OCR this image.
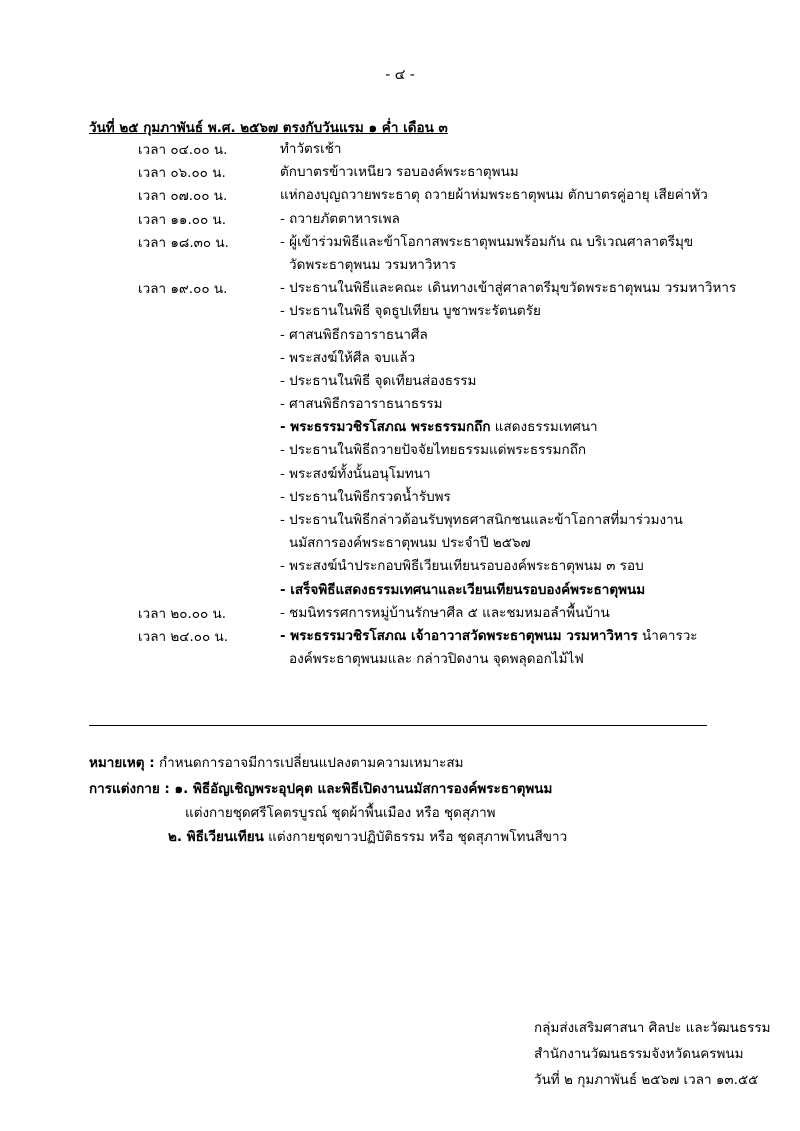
- ๔ -
วันที่ ๒๕ กุมภาพันธ์ พ.ศ. ๒๕๖๗ ตรงกับวันแรม ๑ ค่ำ เดือน ๓
เวลา ๐๔.๐๐ น.	ทำวัตรเช้า
เวลา ๐๖.๐๐ น.	ตักบาตรข้าวเหนียว รอบองค์พระธาตุพนม
เวลา ๐๗.๐๐ น.	แห่กองบุญถวายพระธาตุ ถวายผ้าห่มพระธาตุพนม ตักบาตรคู่อายุ เสียค่าหัว
เวลา ๑๑.๐๐ น.	- ถวายภัตตาหารเพล
เวลา ๑๘.๓๐ น.	- ผู้เข้าร่วมพิธีและข้าโอกาสพระธาตุพนมพร้อมกัน ณ บริเวณศาลาตรีมุข
วัดพระธาตุพนม วรมหาวิหาร
เวลา ๑๙.๐๐ น.	- ประธานในพิธีและคณะ เดินทางเข้าสู่ศาลาตรีมุขวัดพระธาตุพนม วรมหาวิหาร
- ประธานในพิธี จุดธูปเทียน บูชาพระรัตนตรัย
- ศาสนพิธีกรอาราธนาศีล
- พระสงฆ์ให้ศีล จบแล้ว
- ประธานในพิธี จุดเทียนส่องธรรม
- ศาสนพิธีกรอาราธนาธรรม
- พระธรรมวชิรโสภณ พระธรรมกถึก แสดงธรรมเทศนา
- ประธานในพิธีถวายปัจจัยไทยธรรมแด่พระธรรมกถึก
- พระสงฆ์ทั้งนั้นอนุโมทนา
- ประธานในพิธีกรวดน้ำรับพร
- ประธานในพิธีกล่าวต้อนรับพุทธศาสนิกชนและข้าโอกาสที่มาร่วมงาน
นมัสการองค์พระธาตุพนม ประจำปี ๒๕๖๗
- พระสงฆ์นำประกอบพิธีเวียนเทียนรอบองค์พระธาตุพนม ๓ รอบ
- เสร็จพิธีแสดงธรรมเทศนาและเวียนเทียนรอบองค์พระธาตุพนม
เวลา ๒๐.๐๐ น.	- ชมนิทรรศการหมู่บ้านรักษาศีล ๕ และชมหมอลำพื้นบ้าน
เวลา ๒๔.๐๐ น.	- พระธรรมวชิรโสภณ เจ้าอาวาสวัดพระธาตุพนม วรมหาวิหาร นำคารวะ
องค์พระธาตุพนมและ กล่าวปิดงาน จุดพลุดอกไม้ไฟ
หมายเหตุ : กำหนดการอาจมีการเปลี่ยนแปลงตามความเหมาะสม
การแต่งกาย : ๑. พิธีอัญเชิญพระอุปคุต และพิธีเปิดงานนมัสการองค์พระธาตุพนม
แต่งกายชุดศรีโคตรบูรณ์ ชุดผ้าพื้นเมือง หรือ ชุดสุภาพ
๒. พิธีเวียนเทียน แต่งกายชุดขาวปฏิบัติธรรม หรือ ชุดสุภาพโทนสีขาว
กลุ่มส่งเสริมศาสนา ศิลปะ และวัฒนธรรม
สำนักงานวัฒนธรรมจังหวัดนครพนม
วันที่ ๒ กุมภาพันธ์ ๒๕๖๗ เวลา ๑๓.๕๕
